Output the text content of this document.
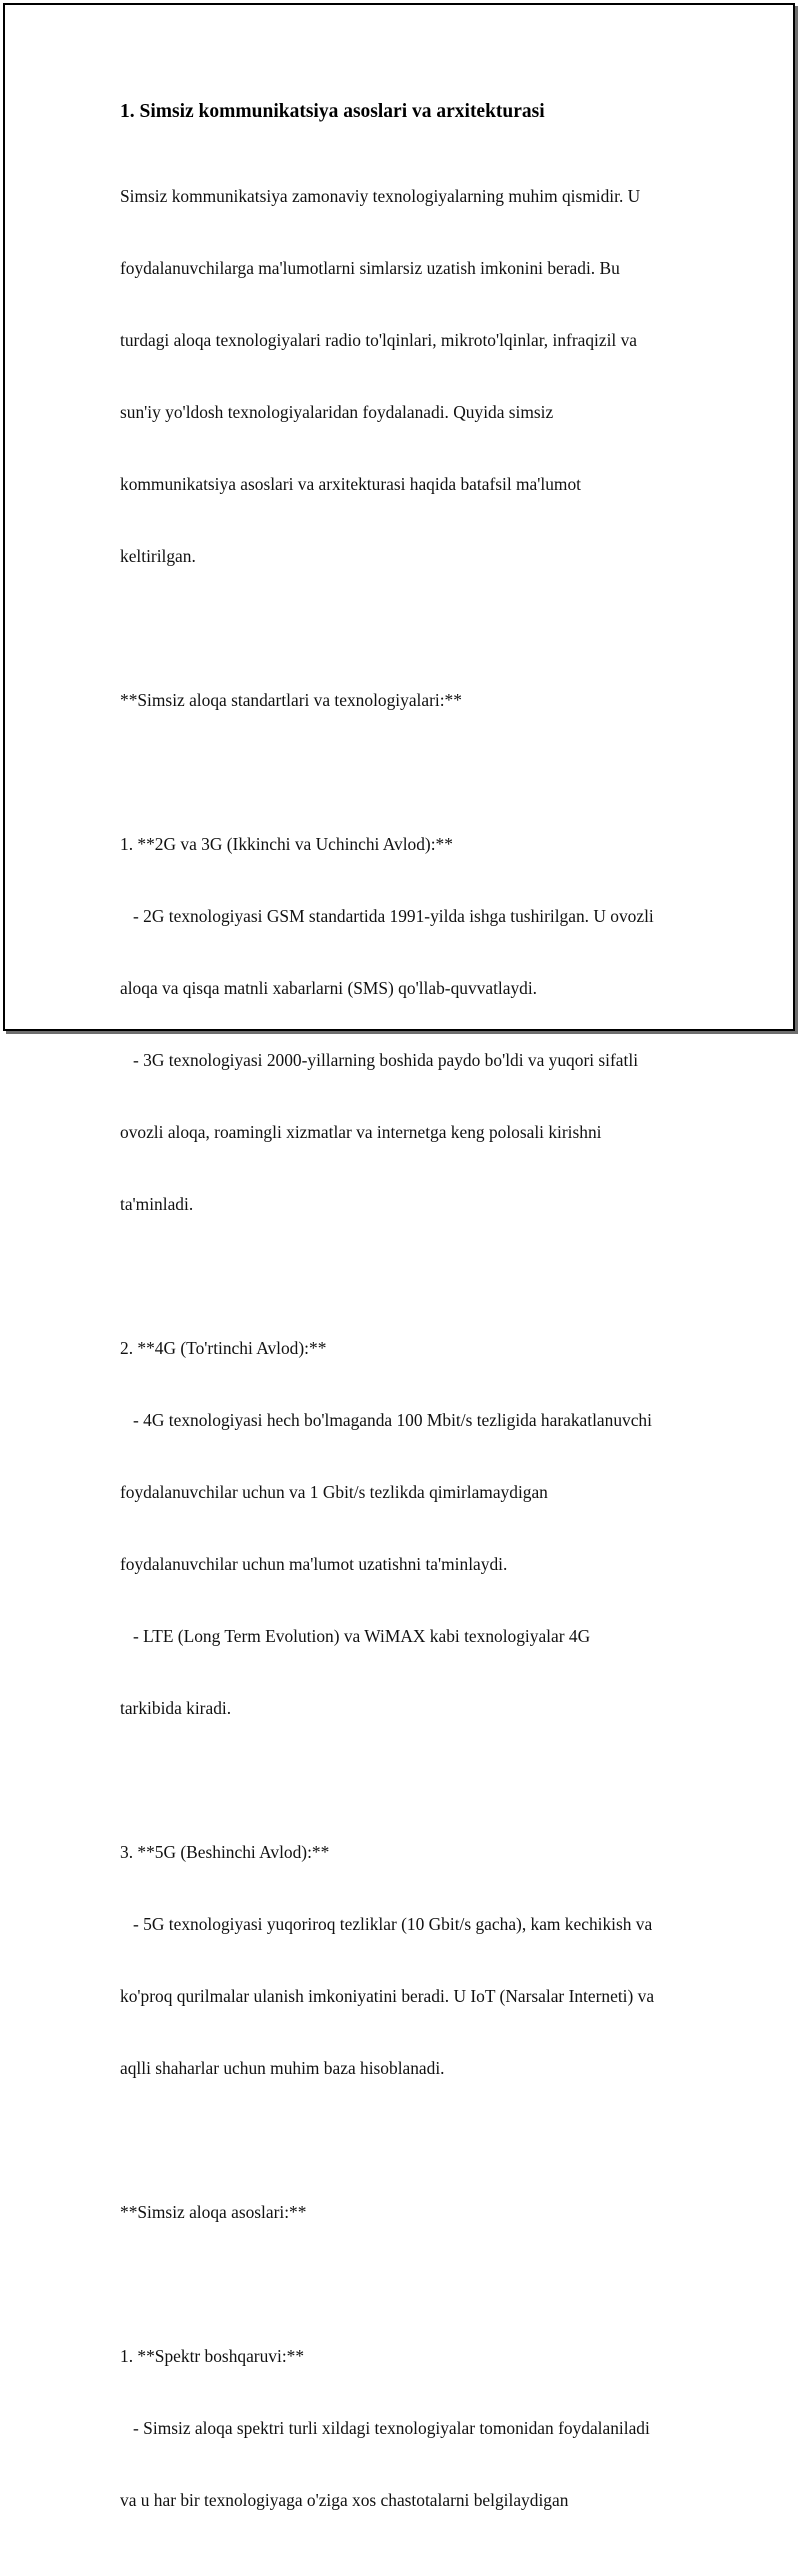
1. Simsiz kommunikatsiya asoslari va arxitekturasi

Simsiz kommunikatsiya zamonaviy texnologiyalarning muhim qismidir. U

foydalanuvchilarga ma'lumotlarni simlarsiz uzatish imkonini beradi. Bu

turdagi aloqa texnologiyalari radio to'lqinlari, mikroto'lqinlar, infraqizil va

sun'iy yo'ldosh texnologiyalaridan foydalanadi. Quyida simsiz

kommunikatsiya asoslari va arxitekturasi haqida batafsil ma'lumot

keltirilgan.

**Simsiz aloqa standartlari va texnologiyalari:**

1. **2G va 3G (Ikkinchi va Uchinchi Avlod):**

- 2G texnologiyasi GSM standartida 1991-yilda ishga tushirilgan. U ovozli

aloqa va qisqa matnli xabarlarni (SMS) qo'llab-quvvatlaydi.

- 3G texnologiyasi 2000-yillarning boshida paydo bo'ldi va yuqori sifatli

ovozli aloqa, roamingli xizmatlar va internetga keng polosali kirishni

ta'minladi.

2. **4G (To'rtinchi Avlod):**

- 4G texnologiyasi hech bo'lmaganda 100 Mbit/s tezligida harakatlanuvchi

foydalanuvchilar uchun va 1 Gbit/s tezlikda qimirlamaydigan

foydalanuvchilar uchun ma'lumot uzatishni ta'minlaydi.

- LTE (Long Term Evolution) va WiMAX kabi texnologiyalar 4G

tarkibida kiradi.

3. **5G (Beshinchi Avlod):**

- 5G texnologiyasi yuqoriroq tezliklar (10 Gbit/s gacha), kam kechikish va

ko'proq qurilmalar ulanish imkoniyatini beradi. U IoT (Narsalar Interneti) va

aqlli shaharlar uchun muhim baza hisoblanadi.

**Simsiz aloqa asoslari:**

1. **Spektr boshqaruvi:**

- Simsiz aloqa spektri turli xildagi texnologiyalar tomonidan foydalaniladi

va u har bir texnologiyaga o'ziga xos chastotalarni belgilaydigan
